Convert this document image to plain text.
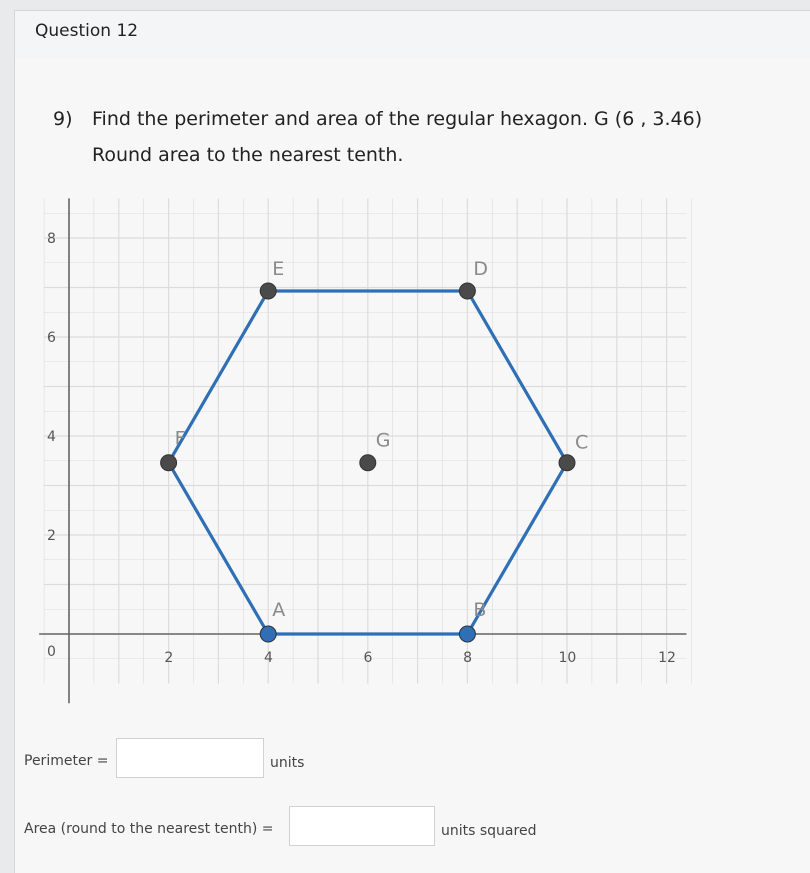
Question 12
9) Find the perimeter and area of the regular hexagon. G (6 , 3.46)
Round area to the nearest tenth.
0
2
4
6
8
2	4	6	8	10	12
A	B
C
D
E
F	G
Perimeter =	units
Area (round to the nearest tenth) =	units squared
